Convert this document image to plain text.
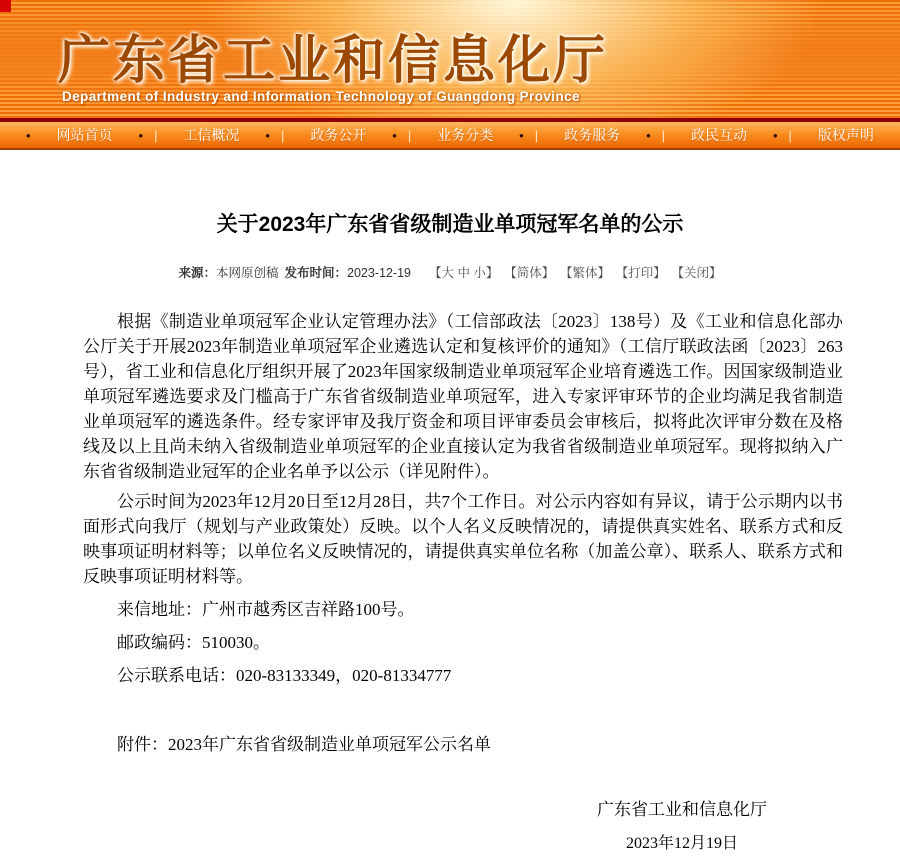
广东省工业和信息化厅
Department of Industry and Information Technology of Guangdong Province
• 网站首页 • | 工信概况 • | 政务公开 • | 业务分类 • | 政务服务 • | 政民互动 • | 版权声明
关于2023年广东省省级制造业单项冠军名单的公示
来源：本网原创稿 发布时间：2023-12-19 【大 中 小】 【简体】 【繁体】 【打印】 【关闭】

根据《制造业单项冠军企业认定管理办法》（工信部政法〔2023〕138号）及《工业和信息化部办公厅关于开展2023年制造业单项冠军企业遴选认定和复核评价的通知》（工信厅联政法函〔2023〕263号），省工业和信息化厅组织开展了2023年国家级制造业单项冠军企业培育遴选工作。因国家级制造业单项冠军遴选要求及门槛高于广东省省级制造业单项冠军，进入专家评审环节的企业均满足我省制造业单项冠军的遴选条件。经专家评审及我厅资金和项目评审委员会审核后，拟将此次评审分数在及格线及以上且尚未纳入省级制造业单项冠军的企业直接认定为我省省级制造业单项冠军。现将拟纳入广东省省级制造业冠军的企业名单予以公示（详见附件）。

公示时间为2023年12月20日至12月28日，共7个工作日。对公示内容如有异议，请于公示期内以书面形式向我厅（规划与产业政策处）反映。以个人名义反映情况的，请提供真实姓名、联系方式和反映事项证明材料等；以单位名义反映情况的，请提供真实单位名称（加盖公章）、联系人、联系方式和反映事项证明材料等。

来信地址：广州市越秀区吉祥路100号。
邮政编码：510030。
公示联系电话：020-83133349，020-81334777
附件：2023年广东省省级制造业单项冠军公示名单
广东省工业和信息化厅
2023年12月19日
